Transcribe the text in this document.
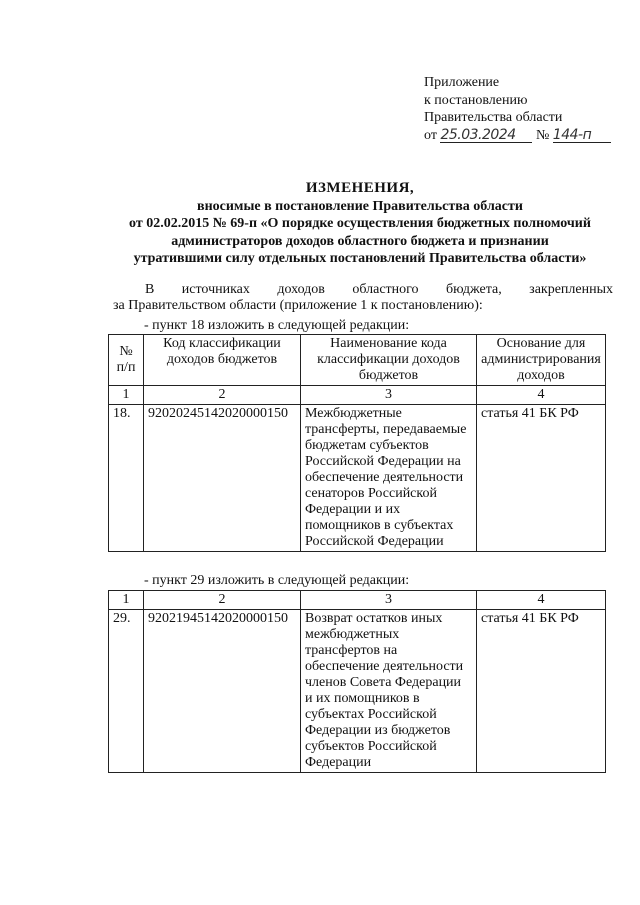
Приложение
к постановлению
Правительства области
от 25.03.2024 № 144-п
ИЗМЕНЕНИЯ,
вносимые в постановление Правительства области
от 02.02.2015 № 69-п «О порядке осуществления бюджетных полномочий
администраторов доходов областного бюджета и признании
утратившими силу отдельных постановлений Правительства области»
В источниках доходов областного бюджета, закрепленных
за Правительством области (приложение 1 к постановлению):
- пункт 18 изложить в следующей редакции:
№ п/п	Код классификации доходов бюджетов	Наименование кода классификации доходов бюджетов	Основание для администрирования доходов
1	2	3	4
18.	92020245142020000150	Межбюджетные трансферты, передаваемые бюджетам субъектов Российской Федерации на обеспечение деятельности сенаторов Российской Федерации и их помощников в субъектах Российской Федерации	статья 41 БК РФ
- пункт 29 изложить в следующей редакции:
1	2	3	4
29.	92021945142020000150	Возврат остатков иных межбюджетных трансфертов на обеспечение деятельности членов Совета Федерации и их помощников в субъектах Российской Федерации из бюджетов субъектов Российской Федерации	статья 41 БК РФ
